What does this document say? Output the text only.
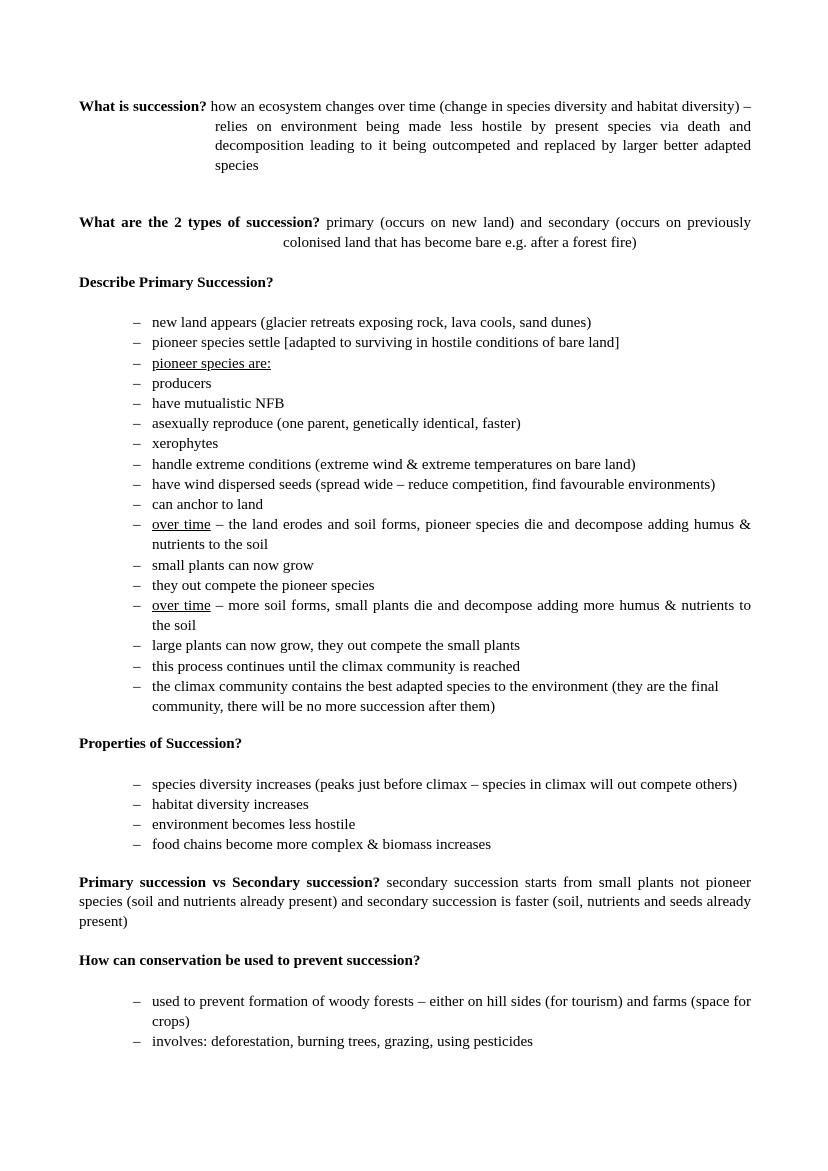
What is succession? how an ecosystem changes over time (change in species diversity and habitat diversity) – relies on environment being made less hostile by present species via death and decomposition leading to it being outcompeted and replaced by larger better adapted species

What are the 2 types of succession? primary (occurs on new land) and secondary (occurs on previously colonised land that has become bare e.g. after a forest fire)

Describe Primary Succession?

– new land appears (glacier retreats exposing rock, lava cools, sand dunes)
– pioneer species settle [adapted to surviving in hostile conditions of bare land]
– pioneer species are:
– producers
– have mutualistic NFB
– asexually reproduce (one parent, genetically identical, faster)
– xerophytes
– handle extreme conditions (extreme wind & extreme temperatures on bare land)
– have wind dispersed seeds (spread wide – reduce competition, find favourable environments)
– can anchor to land
– over time – the land erodes and soil forms, pioneer species die and decompose adding humus & nutrients to the soil
– small plants can now grow
– they out compete the pioneer species
– over time – more soil forms, small plants die and decompose adding more humus & nutrients to the soil
– large plants can now grow, they out compete the small plants
– this process continues until the climax community is reached
– the climax community contains the best adapted species to the environment (they are the final community, there will be no more succession after them)

Properties of Succession?

– species diversity increases (peaks just before climax – species in climax will out compete others)
– habitat diversity increases
– environment becomes less hostile
– food chains become more complex & biomass increases

Primary succession vs Secondary succession? secondary succession starts from small plants not pioneer species (soil and nutrients already present) and secondary succession is faster (soil, nutrients and seeds already present)

How can conservation be used to prevent succession?

– used to prevent formation of woody forests – either on hill sides (for tourism) and farms (space for crops)
– involves: deforestation, burning trees, grazing, using pesticides
